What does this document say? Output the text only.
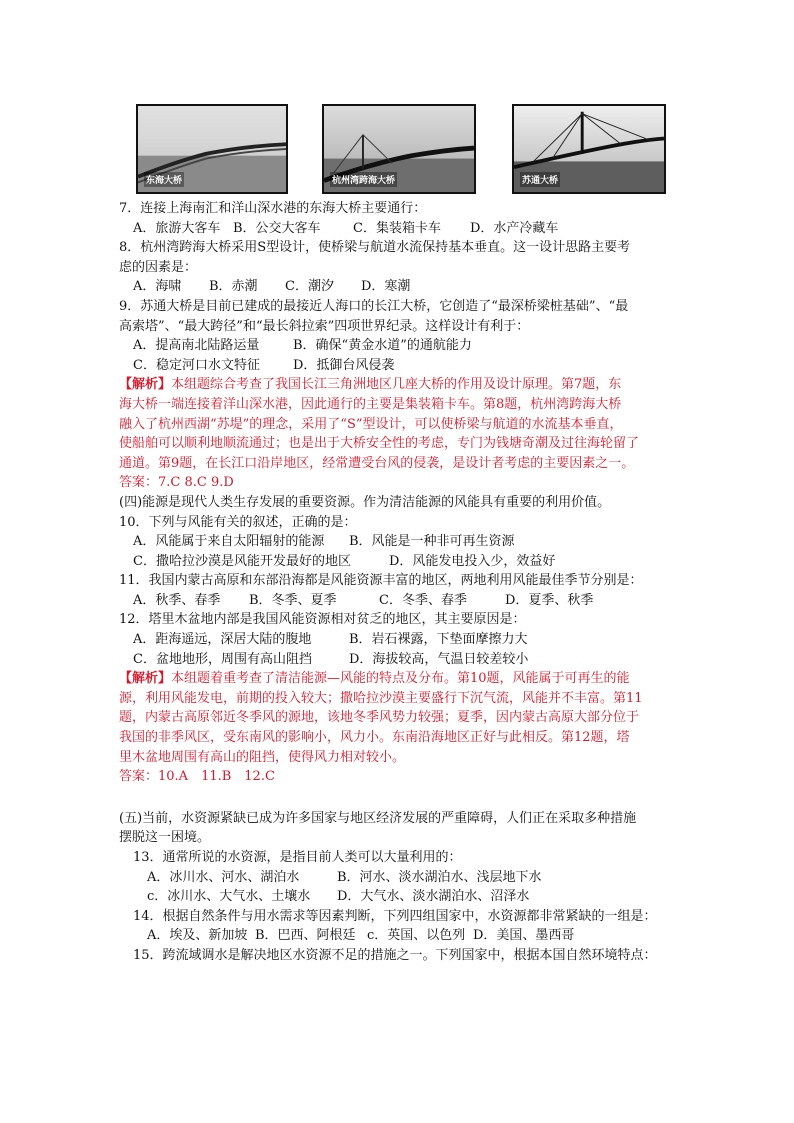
东海大桥	杭州湾跨海大桥	苏通大桥
7．连接上海南汇和洋山深水港的东海大桥主要通行：
A．旅游大客车 B．公交大客车 C．集装箱卡车 D．水产冷藏车
8．杭州湾跨海大桥采用S型设计，使桥梁与航道水流保持基本垂直。这一设计思路主要考
虑的因素是：
A．海啸 B．赤潮 C．潮汐 D．寒潮
9．苏通大桥是目前已建成的最接近人海口的长江大桥，它创造了“最深桥梁桩基础”、“最
高索塔”、“最大跨径”和“最长斜拉索”四项世界纪录。这样设计有利于：
A．提高南北陆路运量	B．确保“黄金水道”的通航能力
C．稳定河口水文特征	D．抵御台风侵袭
【解析】本组题综合考查了我国长江三角洲地区几座大桥的作用及设计原理。第7题，东
海大桥一端连接着洋山深水港，因此通行的主要是集装箱卡车。第8题，杭州湾跨海大桥
融入了杭州西湖“苏堤”的理念，采用了“S”型设计，可以使桥梁与航道的水流基本垂直，
使船舶可以顺利地顺流通过；也是出于大桥安全性的考虑，专门为钱塘奇潮及过往海轮留了
通道。第9题，在长江口沿岸地区，经常遭受台风的侵袭，是设计者考虑的主要因素之一。
答案：7.C 8.C 9.D
(四)能源是现代人类生存发展的重要资源。作为清洁能源的风能具有重要的利用价值。
10．下列与风能有关的叙述，正确的是：
A．风能属于来自太阳辐射的能源 B．风能是一种非可再生资源
C．撒哈拉沙漠是风能开发最好的地区	D．风能发电投入少，效益好
11．我国内蒙古高原和东部沿海都是风能资源丰富的地区，两地利用风能最佳季节分别是：
A．秋季、春季 B．冬季、夏季	C．冬季、春季	D．夏季、秋季
12．塔里木盆地内部是我国风能资源相对贫乏的地区，其主要原因是：
A．距海遥远，深居大陆的腹地	B．岩石裸露，下垫面摩擦力大
C．盆地地形，周围有高山阻挡	D．海拔较高，气温日较差较小
【解析】本组题着重考查了清洁能源—风能的特点及分布。第10题，风能属于可再生的能
源，利用风能发电，前期的投入较大；撒哈拉沙漠主要盛行下沉气流，风能并不丰富。第11
题，内蒙古高原邻近冬季风的源地，该地冬季风势力较强；夏季，因内蒙古高原大部分位于
我国的非季风区，受东南风的影响小，风力小。东南沿海地区正好与此相反。第12题，塔
里木盆地周围有高山的阻挡，使得风力相对较小。
答案：10.A　11.B　12.C
(五)当前，水资源紧缺已成为许多国家与地区经济发展的严重障碍，人们正在采取多种措施
摆脱这一困境。
13．通常所说的水资源，是指目前人类可以大量利用的：
A．冰川水、河水、湖泊水	B．河水、淡水湖泊水、浅层地下水
c．冰川水、大气水、土壤水 D．大气水、淡水湖泊水、沼泽水
14．根据自然条件与用水需求等因素判断，下列四组国家中，水资源都非常紧缺的一组是：
A．埃及、新加坡 B．巴西、阿根廷 c．英国、以色列 D．美国、墨西哥
15．跨流域调水是解决地区水资源不足的措施之一。下列国家中，根据本国自然环境特点：
